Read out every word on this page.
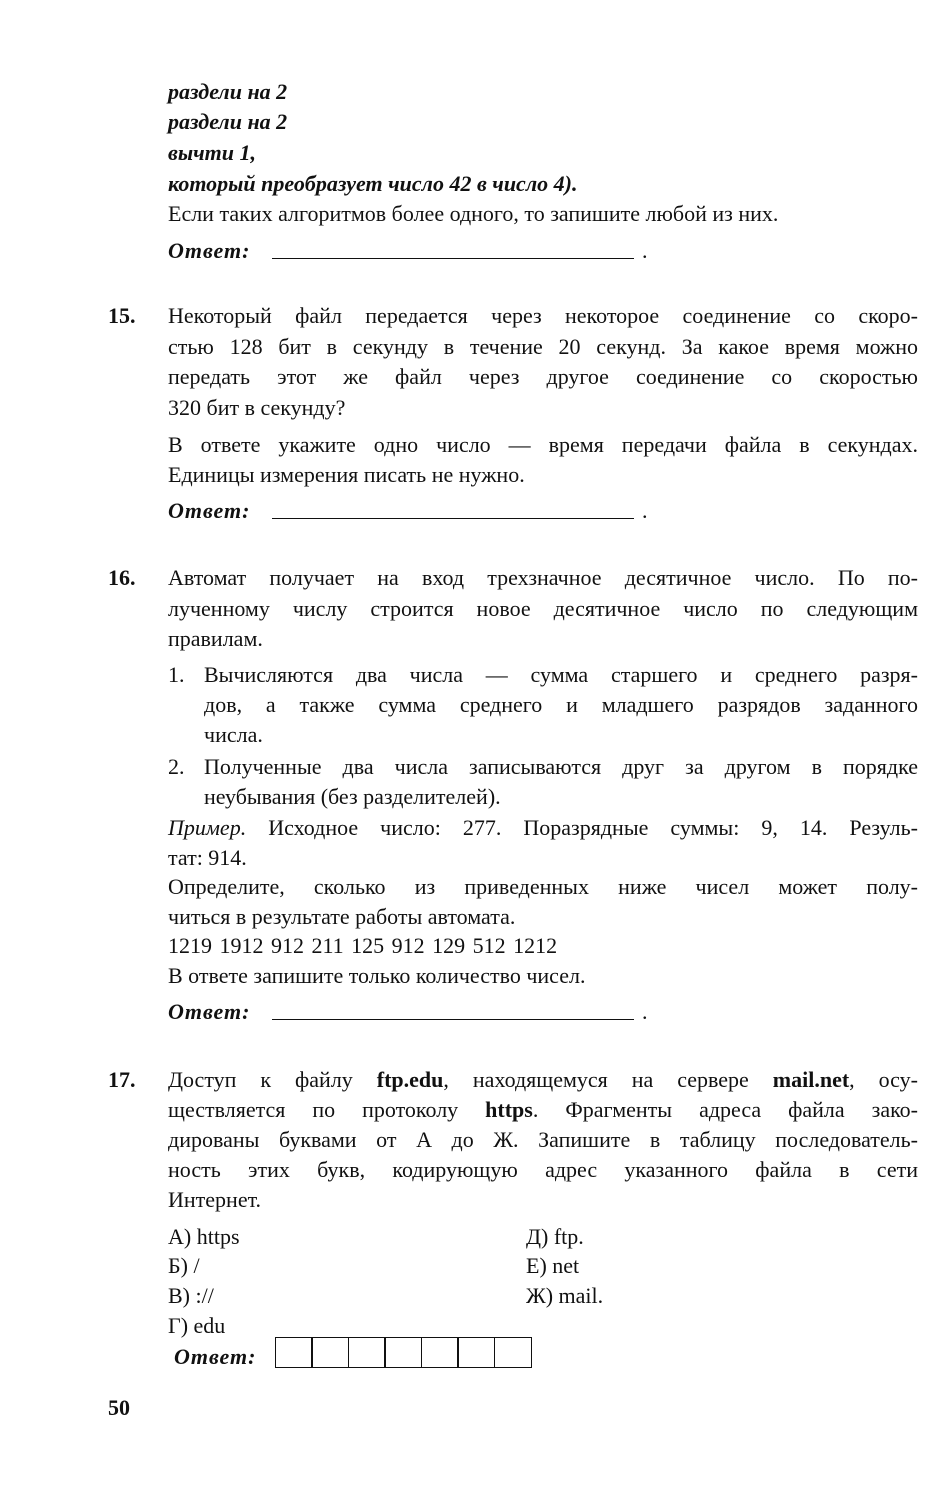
раздели на 2
раздели на 2
вычти 1,
который преобразует число 42 в число 4).
Если таких алгоритмов более одного, то запишите любой из них.
Ответ:	.
15. Некоторый файл передается через некоторое соединение со скоро-
стью 128 бит в секунду в течение 20 секунд. За какое время можно
передать этот же файл через другое соединение со скоростью
320 бит в секунду?
В ответе укажите одно число — время передачи файла в секундах.
Единицы измерения писать не нужно.
Ответ:	.
16. Автомат получает на вход трехзначное десятичное число. По по-
лученному числу строится новое десятичное число по следующим
правилам.
1. Вычисляются два числа — сумма старшего и среднего разря-
дов, а также сумма среднего и младшего разрядов заданного
числа.
2. Полученные два числа записываются друг за другом в порядке
неубывания (без разделителей).
Пример. Исходное число: 277. Поразрядные суммы: 9, 14. Резуль-
тат: 914.
Определите, сколько из приведенных ниже чисел может полу-
читься в результате работы автомата.
1219 1912 912 211 125 912 129 512 1212
В ответе запишите только количество чисел.
Ответ:	.
17. Доступ к файлу ftp.edu, находящемуся на сервере mail.net, осу-
ществляется по протоколу https. Фрагменты адреса файла зако-
дированы буквами от А до Ж. Запишите в таблицу последователь-
ность этих букв, кодирующую адрес указанного файла в сети
Интернет.
А) https
Б) /
В) ://
Г) edu
Д) ftp.
Е) net
Ж) mail.
Ответ:
50
